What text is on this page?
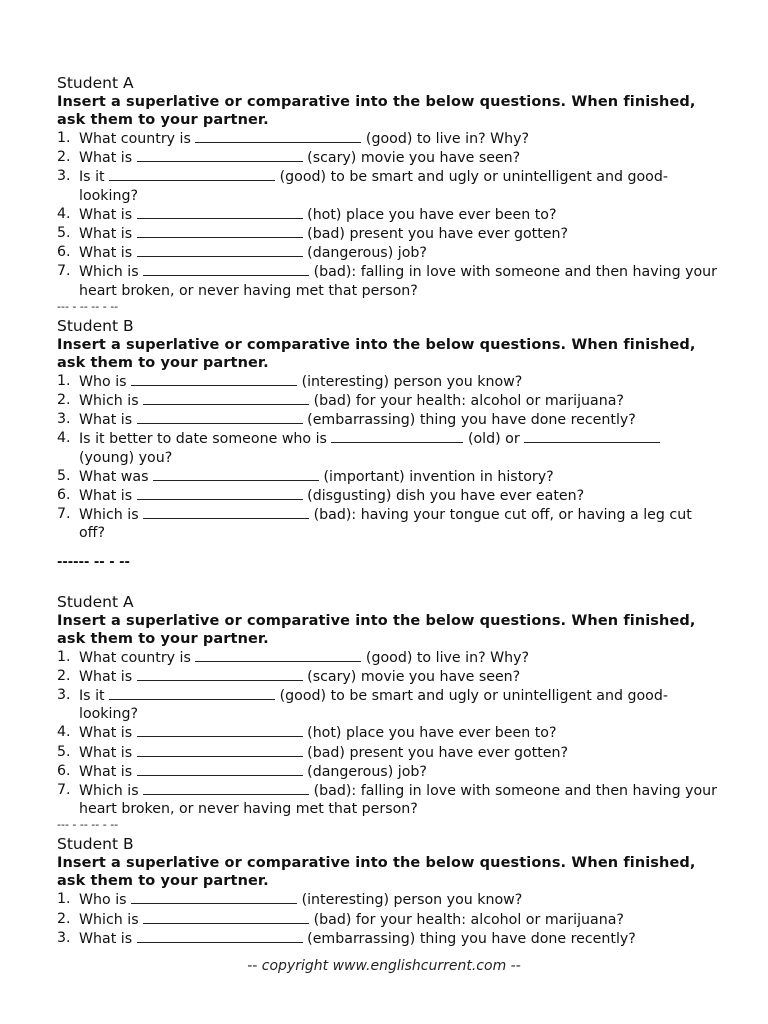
Student A
Insert a superlative or comparative into the below questions. When finished, ask them to your partner.
1. What country is	(good) to live in? Why?
2. What is	(scary) movie you have seen?
3. Is it	(good) to be smart and ugly or unintelligent and good-looking?
4. What is	(hot) place you have ever been to?
5. What is	(bad) present you have ever gotten?
6. What is	(dangerous) job?
7. Which is	(bad): falling in love with someone and then having your heart broken, or never having met that person?
--- - -- -- - --
Student B
Insert a superlative or comparative into the below questions. When finished, ask them to your partner.
1. Who is	(interesting) person you know?
2. Which is	(bad) for your health: alcohol or marijuana?
3. What is	(embarrassing) thing you have done recently?
4. Is it better to date someone who is	(old) or  (young) you?
5. What was	(important) invention in history?
6. What is	(disgusting) dish you have ever eaten?
7. Which is	(bad): having your tongue cut off, or having a leg cut off?
------ -- - --
Student A
Insert a superlative or comparative into the below questions. When finished, ask them to your partner.
1. What country is	(good) to live in? Why?
2. What is	(scary) movie you have seen?
3. Is it	(good) to be smart and ugly or unintelligent and good-looking?
4. What is	(hot) place you have ever been to?
5. What is	(bad) present you have ever gotten?
6. What is	(dangerous) job?
7. Which is	(bad): falling in love with someone and then having your heart broken, or never having met that person?
--- - -- -- - --
Student B
Insert a superlative or comparative into the below questions. When finished, ask them to your partner.
1. Who is	(interesting) person you know?
2. Which is	(bad) for your health: alcohol or marijuana?
3. What is	(embarrassing) thing you have done recently?
-- copyright www.englishcurrent.com --
